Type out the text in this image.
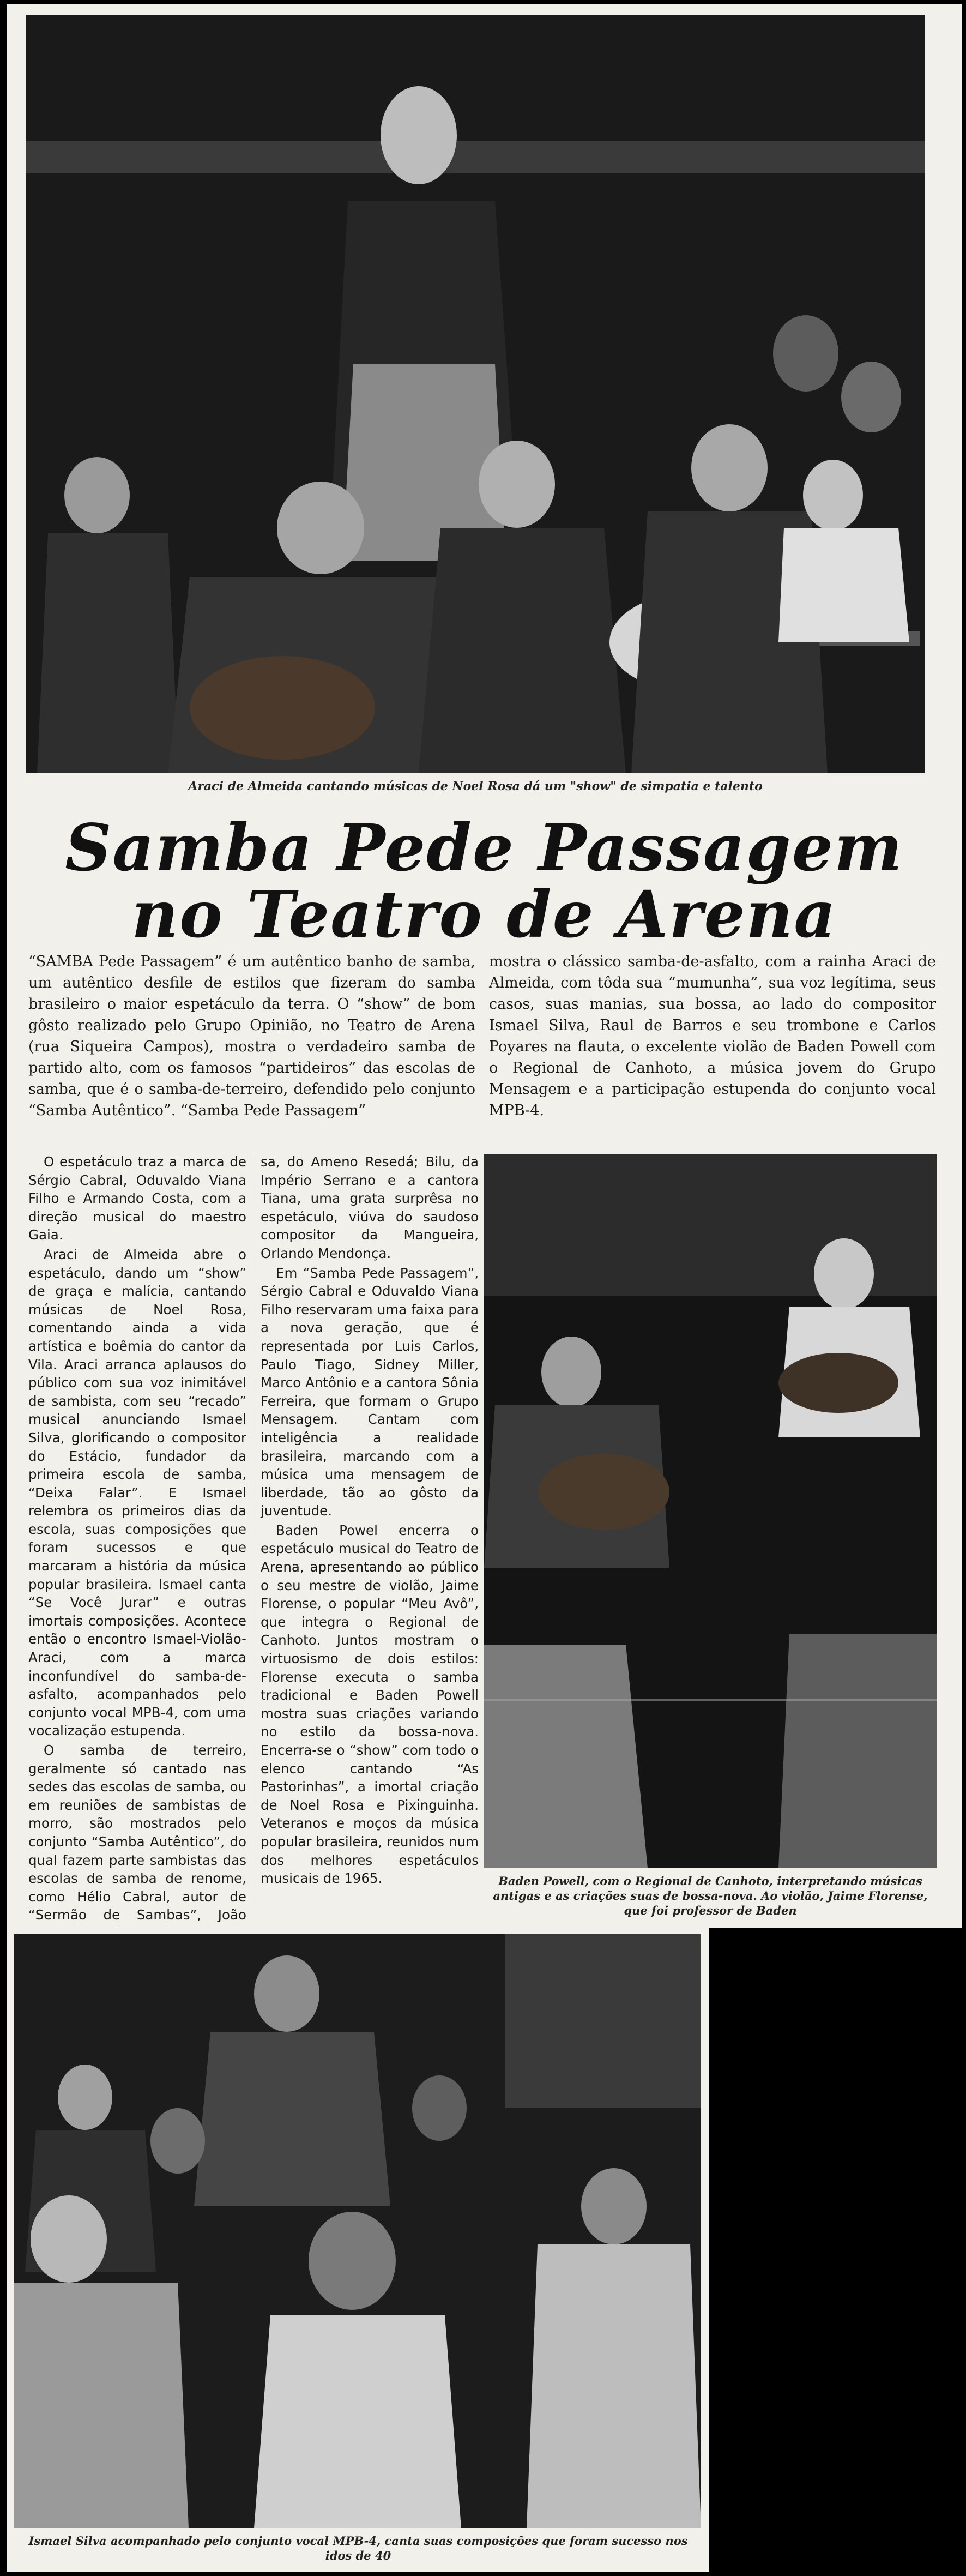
Araci de Almeida cantando músicas de Noel Rosa dá um "show" de simpatia e talento
Samba Pede Passagem
no Teatro de Arena
“SAMBA Pede Passagem” é um autêntico banho de samba, um autêntico desfile de estilos que fizeram do samba brasileiro o maior espetáculo da terra. O “show” de bom gôsto realizado pelo Grupo Opinião, no Teatro de Arena (rua Siqueira Campos), mostra o verdadeiro samba de partido alto, com os famosos “partideiros” das escolas de samba, que é o samba-de-terreiro, defendido pelo conjunto “Samba Autêntico”. “Samba Pede Passagem”
mostra o clássico samba-de-asfalto, com a rainha Araci de Almeida, com tôda sua “mumunha”, sua voz legítima, seus casos, suas manias, sua bossa, ao lado do compositor Ismael Silva, Raul de Barros e seu trombone e Carlos Poyares na flauta, o excelente violão de Baden Powell com o Regional de Canhoto, a música jovem do Grupo Mensagem e a participação estupenda do conjunto vocal MPB-4.

O espetáculo traz a marca de Sérgio Cabral, Oduvaldo Viana Filho e Armando Costa, com a direção musical do maestro Gaia.

Araci de Almeida abre o espetáculo, dando um “show” de graça e malícia, cantando músicas de Noel Rosa, comentando ainda a vida artística e boêmia do cantor da Vila. Araci arranca aplausos do público com sua voz inimitável de sambista, com seu “recado” musical anunciando Ismael Silva, glorificando o compositor do Estácio, fundador da primeira escola de samba, “Deixa Falar”. E Ismael relembra os primeiros dias da escola, suas composições que foram sucessos e que marcaram a história da música popular brasileira. Ismael canta “Se Você Jurar” e outras imortais composições. Acontece então o encontro Ismael-Violão-Araci, com a marca inconfundível do samba-de-asfalto, acompanhados pelo conjunto vocal MPB-4, com uma vocalização estupenda.

O samba de terreiro, geralmente só cantado nas sedes das escolas de samba, ou em reuniões de sambistas de morro, são mostrados pelo conjunto “Samba Autêntico”, do qual fazem parte sambistas das escolas de samba de renome, como Hélio Cabral, autor de “Sermão de Sambas”, João

sa, do Ameno Resedá; Bilu, da Império Serrano e a cantora Tiana, uma grata surprêsa no espetáculo, viúva do saudoso compositor da Mangueira, Orlando Mendonça.

Em “Samba Pede Passagem”, Sérgio Cabral e Oduvaldo Viana Filho reservaram uma faixa para a nova geração, que é representada por Luis Carlos, Paulo Tiago, Sidney Miller, Marco Antônio e a cantora Sônia Ferreira, que formam o Grupo Mensagem. Cantam com inteligência a realidade brasileira, marcando com a música uma mensagem de liberdade, tão ao gôsto da juventude.

Baden Powel encerra o espetáculo musical do Teatro de Arena, apresentando ao público o seu mestre de violão, Jaime Florense, o popular “Meu Avô”, que integra o Regional de Canhoto. Juntos mostram o virtuosismo de dois estilos: Florense executa o samba tradicional e Baden Powell mostra suas criações variando no estilo da bossa-nova. Encerra-se o “show” com todo o elenco cantando “As Pastorinhas”, a imortal criação de Noel Rosa e Pixinguinha. Veteranos e moços da música popular brasileira, reunidos num dos melhores espetáculos musicais de 1965.	Baden Powell, com o Regional de Canhoto, interpretando músicas antigas e as criações suas de bossa-nova. Ao violão, Jaime Florense, que foi professor de Baden
Ismael Silva acompanhado pelo conjunto vocal MPB-4, canta suas composições que foram sucesso nos idos de 40
